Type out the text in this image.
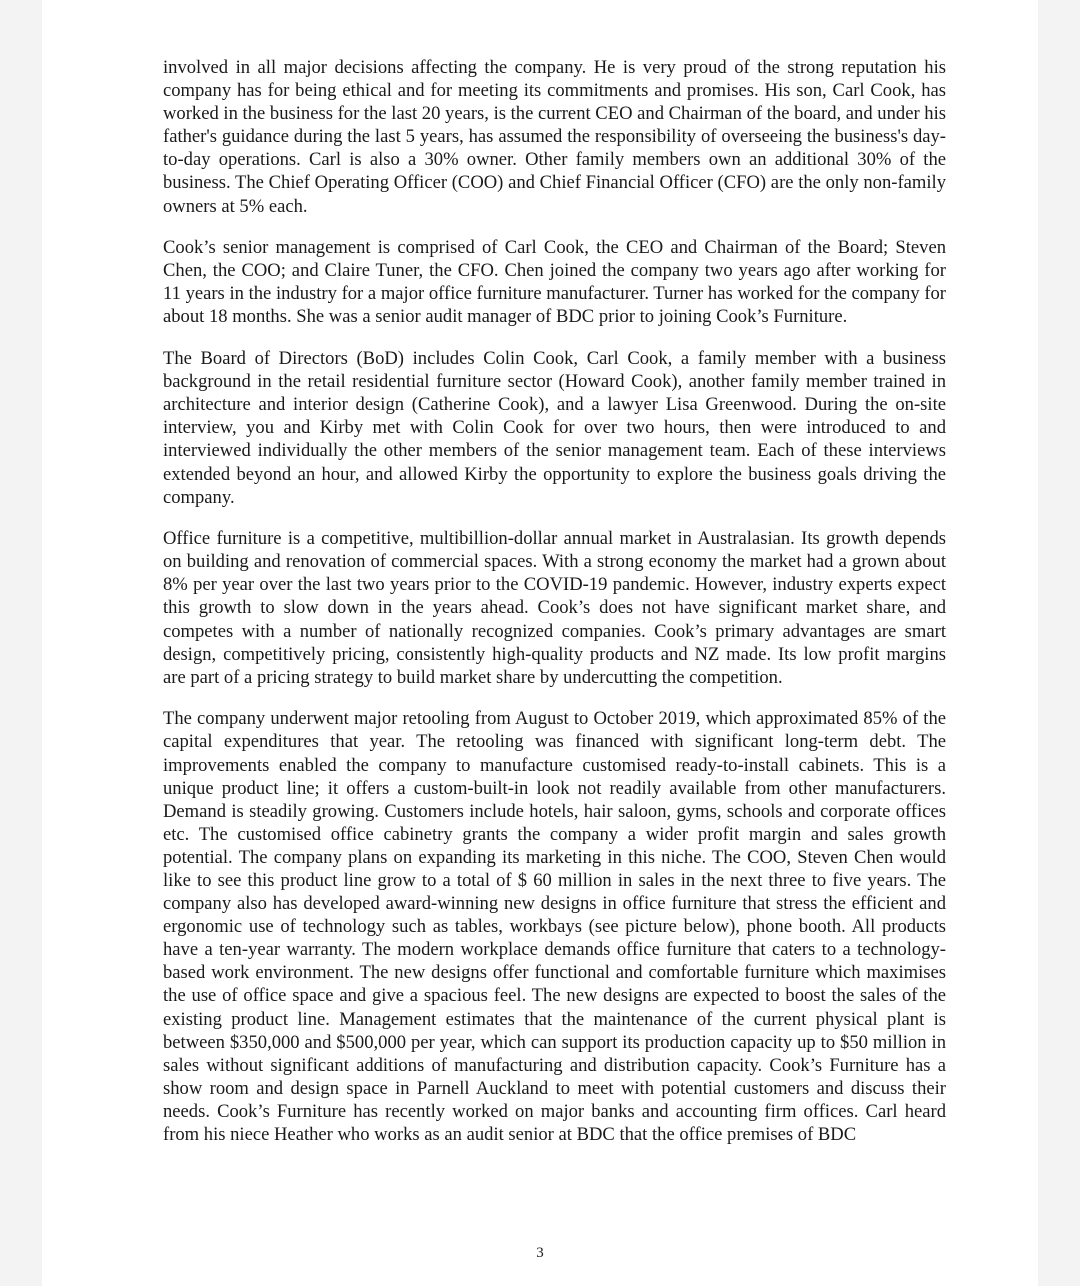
involved in all major decisions affecting the company. He is very proud of the strong reputation his company has for being ethical and for meeting its commitments and promises. His son, Carl Cook, has worked in the business for the last 20 years, is the current CEO and Chairman of the board, and under his father's guidance during the last 5 years, has assumed the responsibility of overseeing the business's day-to-day operations. Carl is also a 30% owner. Other family members own an additional 30% of the business. The Chief Operating Officer (COO) and Chief Financial Officer (CFO) are the only non-family owners at 5% each.

Cook’s senior management is comprised of Carl Cook, the CEO and Chairman of the Board; Steven Chen, the COO; and Claire Tuner, the CFO. Chen joined the company two years ago after working for 11 years in the industry for a major office furniture manufacturer. Turner has worked for the company for about 18 months. She was a senior audit manager of BDC prior to joining Cook’s Furniture.

The Board of Directors (BoD) includes Colin Cook, Carl Cook, a family member with a business background in the retail residential furniture sector (Howard Cook), another family member trained in architecture and interior design (Catherine Cook), and a lawyer Lisa Greenwood. During the on-site interview, you and Kirby met with Colin Cook for over two hours, then were introduced to and interviewed individually the other members of the senior management team. Each of these interviews extended beyond an hour, and allowed Kirby the opportunity to explore the business goals driving the company.

Office furniture is a competitive, multibillion-dollar annual market in Australasian. Its growth depends on building and renovation of commercial spaces. With a strong economy the market had a grown about 8% per year over the last two years prior to the COVID-19 pandemic. However, industry experts expect this growth to slow down in the years ahead. Cook’s does not have significant market share, and competes with a number of nationally recognized companies. Cook’s primary advantages are smart design, competitively pricing, consistently high-quality products and NZ made. Its low profit margins are part of a pricing strategy to build market share by undercutting the competition.

The company underwent major retooling from August to October 2019, which approximated 85% of the capital expenditures that year. The retooling was financed with significant long-term debt. The improvements enabled the company to manufacture customised ready-to-install cabinets. This is a unique product line; it offers a custom-built-in look not readily available from other manufacturers. Demand is steadily growing. Customers include hotels, hair saloon, gyms, schools and corporate offices etc. The customised office cabinetry grants the company a wider profit margin and sales growth potential. The company plans on expanding its marketing in this niche. The COO, Steven Chen would like to see this product line grow to a total of $ 60 million in sales in the next three to five years. The company also has developed award-winning new designs in office furniture that stress the efficient and ergonomic use of technology such as tables, workbays (see picture below), phone booth. All products have a ten-year warranty. The modern workplace demands office furniture that caters to a technology-based work environment. The new designs offer functional and comfortable furniture which maximises the use of office space and give a spacious feel. The new designs are expected to boost the sales of the existing product line. Management estimates that the maintenance of the current physical plant is between $350,000 and $500,000 per year, which can support its production capacity up to $50 million in sales without significant additions of manufacturing and distribution capacity. Cook’s Furniture has a show room and design space in Parnell Auckland to meet with potential customers and discuss their needs. Cook’s Furniture has recently worked on major banks and accounting firm offices. Carl heard from his niece Heather who works as an audit senior at BDC that the office premises of BDC

3
